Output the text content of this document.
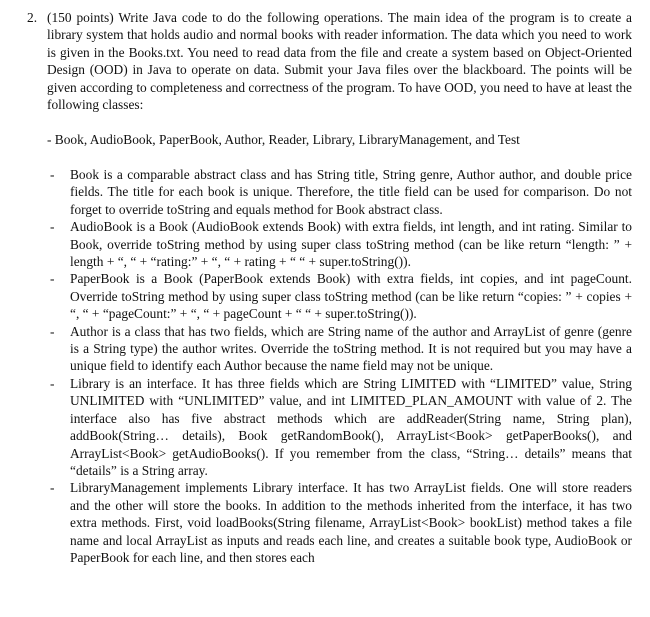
2. (150 points) Write Java code to do the following operations. The main idea of the program is to create a library system that holds audio and normal books with reader information. The data which you need to work is given in the Books.txt. You need to read data from the file and create a system based on Object-Oriented Design (OOD) in Java to operate on data. Submit your Java files over the blackboard. The points will be given according to completeness and correctness of the program. To have OOD, you need to have at least the following classes:

- Book, AudioBook, PaperBook, Author, Reader, Library, LibraryManagement, and Test

- Book is a comparable abstract class and has String title, String genre, Author author, and double price fields. The title for each book is unique. Therefore, the title field can be used for comparison. Do not forget to override toString and equals method for Book abstract class.
- AudioBook is a Book (AudioBook extends Book) with extra fields, int length, and int rating. Similar to Book, override toString method by using super class toString method (can be like return “length: ” + length + “, “ + “rating:” + “, “ + rating + “ “ + super.toString()).
- PaperBook is a Book (PaperBook extends Book) with extra fields, int copies, and int pageCount. Override toString method by using super class toString method (can be like return “copies: ” + copies + “, “ + “pageCount:” + “, “ + pageCount + “ “ + super.toString()).
- Author is a class that has two fields, which are String name of the author and ArrayList of genre (genre is a String type) the author writes. Override the toString method. It is not required but you may have a unique field to identify each Author because the name field may not be unique.
- Library is an interface. It has three fields which are String LIMITED with “LIMITED” value, String UNLIMITED with “UNLIMITED” value, and int LIMITED_PLAN_AMOUNT with value of 2. The interface also has five abstract methods which are addReader(String name, String plan), addBook(String… details), Book getRandomBook(), ArrayList<Book> getPaperBooks(), and ArrayList<Book> getAudioBooks(). If you remember from the class, “String… details” means that “details” is a String array.
- LibraryManagement implements Library interface. It has two ArrayList fields. One will store readers and the other will store the books. In addition to the methods inherited from the interface, it has two extra methods. First, void loadBooks(String filename, ArrayList<Book> bookList) method takes a file name and local ArrayList as inputs and reads each line, and creates a suitable book type, AudioBook or PaperBook for each line, and then stores each
